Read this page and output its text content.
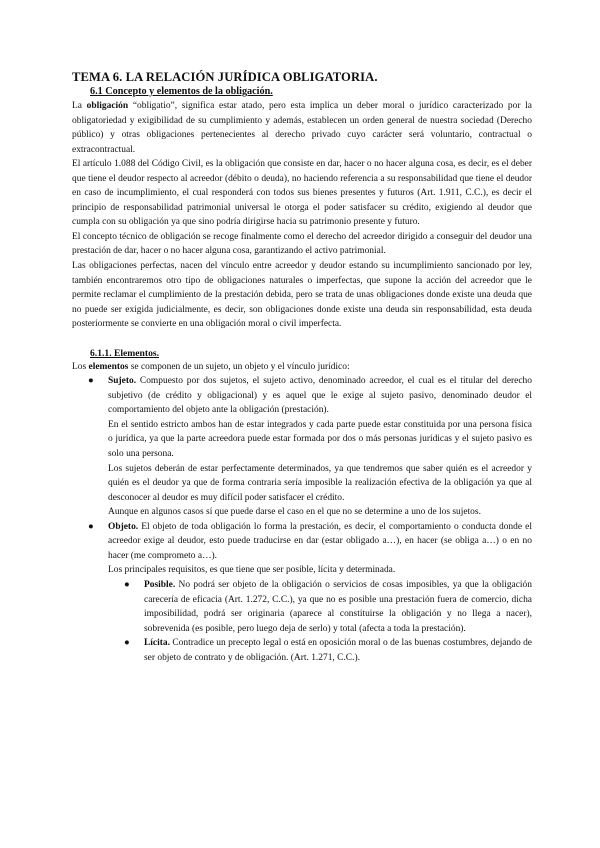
TEMA 6. LA RELACIÓN JURÍDICA OBLIGATORIA.
6.1 Concepto y elementos de la obligación.

La obligación “obligatio”, significa estar atado, pero esta implica un deber moral o jurídico caracterizado por la obligatoriedad y exigibilidad de su cumplimiento y además, establecen un orden general de nuestra sociedad (Derecho público) y otras obligaciones pertenecientes al derecho privado cuyo carácter será voluntario, contractual o extracontractual.

El artículo 1.088 del Código Civil, es la obligación que consiste en dar, hacer o no hacer alguna cosa, es decir, es el deber que tiene el deudor respecto al acreedor (débito o deuda), no haciendo referencia a su responsabilidad que tiene el deudor en caso de incumplimiento, el cual responderá con todos sus bienes presentes y futuros (Art. 1.911, C.C.), es decir el principio de responsabilidad patrimonial universal le otorga el poder satisfacer su crédito, exigiendo al deudor que cumpla con su obligación ya que sino podría dirigirse hacia su patrimonio presente y futuro.

El concepto técnico de obligación se recoge finalmente como el derecho del acreedor dirigido a conseguir del deudor una prestación de dar, hacer o no hacer alguna cosa, garantizando el activo patrimonial.

Las obligaciones perfectas, nacen del vínculo entre acreedor y deudor estando su incumplimiento sancionado por ley, también encontraremos otro tipo de obligaciones naturales o imperfectas, que supone la acción del acreedor que le permite reclamar el cumplimiento de la prestación debida, pero se trata de unas obligaciones donde existe una deuda que no puede ser exigida judicialmente, es decir, son obligaciones donde existe una deuda sin responsabilidad, esta deuda posteriormente se convierte en una obligación moral o civil imperfecta.

6.1.1. Elementos.

Los elementos se componen de un sujeto, un objeto y el vínculo jurídico:

● Sujeto. Compuesto por dos sujetos, el sujeto activo, denominado acreedor, el cual es el titular del derecho subjetivo (de crédito y obligacional) y es aquel que le exige al sujeto pasivo, denominado deudor el comportamiento del objeto ante la obligación (prestación).

En el sentido estricto ambos han de estar integrados y cada parte puede estar constituida por una persona física o jurídica, ya que la parte acreedora puede estar formada por dos o más personas jurídicas y el sujeto pasivo es solo una persona.

Los sujetos deberán de estar perfectamente determinados, ya que tendremos que saber quién es el acreedor y quién es el deudor ya que de forma contraria sería imposible la realización efectiva de la obligación ya que al desconocer al deudor es muy difícil poder satisfacer el crédito.

Aunque en algunos casos sí que puede darse el caso en el que no se determine a uno de los sujetos.

● Objeto. El objeto de toda obligación lo forma la prestación, es decir, el comportamiento o conducta donde el acreedor exige al deudor, esto puede traducirse en dar (estar obligado a…), en hacer (se obliga a…) o en no hacer (me comprometo a…).

Los principales requisitos, es que tiene que ser posible, lícita y determinada.

● Posible. No podrá ser objeto de la obligación o servicios de cosas imposibles, ya que la obligación carecería de eficacia (Art. 1.272, C.C.), ya que no es posible una prestación fuera de comercio, dicha imposibilidad, podrá ser originaria (aparece al constituirse la obligación y no llega a nacer), sobrevenida (es posible, pero luego deja de serlo) y total (afecta a toda la prestación).

● Lícita. Contradice un precepto legal o está en oposición moral o de las buenas costumbres, dejando de ser objeto de contrato y de obligación. (Art. 1.271, C.C.).
